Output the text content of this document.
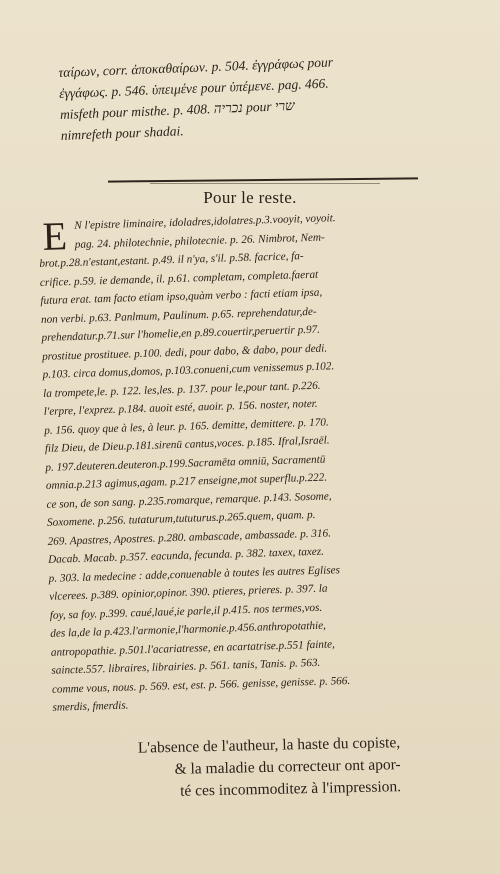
ταίρων, corr. ἀποκαθαίρων. p. 504. ἐγγράφως pour
ἐγγάφως. p. 546. ὑπειμένε pour ὑπέμενε. pag. 466.
misfeth pour misthe. p. 408. נכריה pour שרי
nimrefeth pour shadai.
Pour le reste.
E N l'epistre liminaire, idoladres,idolatres.p.3.vooyit, voyoit.
pag. 24. philotechnie, philotecnie. p. 26. Nimbrot, Nem-
brot.p.28.n'estant,estant. p.49. il n'ya, s'il. p.58. facrice, fa-
crifice. p.59. ie demande, il. p.61. completam, completa.faerat
futura erat. tam facto etiam ipso,quàm verbo : facti etiam ipsa,
non verbi. p.63. Panlmum, Paulinum. p.65. reprehendatur,de-
prehendatur.p.71.sur l'homelie,en p.89.couertir,peruertir p.97.
prostitue prostituee. p.100. dedi, pour dabo, & dabo, pour dedi.
p.103. circa domus,domos, p.103.conueni,cum venissemus p.102.
la trompete,le. p. 122. les,les. p. 137. pour le,pour tant. p.226.
l'erpre, l'exprez. p.184. auoit esté, auoir. p. 156. noster, noter.
p. 156. quoy que à les, à leur. p. 165. demitte, demittere. p. 170.
filz Dieu, de Dieu.p.181.sirenū cantus,voces. p.185. Ifral,Israël.
p. 197.deuteren.deuteron.p.199.Sacramēta omniū, Sacramentū
omnia.p.213 agimus,agam. p.217 enseigne,mot superflu.p.222.
ce son, de son sang. p.235.romarque, remarque. p.143. Sosome,
Soxomene. p.256. tutaturum,tututurus.p.265.quem, quam. p.
269. Apastres, Apostres. p.280. ambascade, ambassade. p. 316.
Dacab. Macab. p.357. eacunda, fecunda. p. 382. taxex, taxez.
p. 303. la medecine : adde,conuenable à toutes les autres Eglises
vlcerees. p.389. opinior,opinor. 390. ptieres, prieres. p. 397. la
foy, sa foy. p.399. caué,laué,ie parle,il p.415. nos termes,vos.
des la,de la p.423.l'armonie,l'harmonie.p.456.anthropotathie,
antropopathie. p.501.l'acariatresse, en acartatrise.p.551 fainte,
saincte.557. libraires, librairies. p. 561. tanis, Tanis. p. 563.
comme vous, nous. p. 569. est, est. p. 566. genisse, genisse. p. 566.
smerdis, fmerdis.
L'absence de l'autheur, la haste du copiste,
& la maladie du correcteur ont apor-
té ces incommoditez à l'impression.
